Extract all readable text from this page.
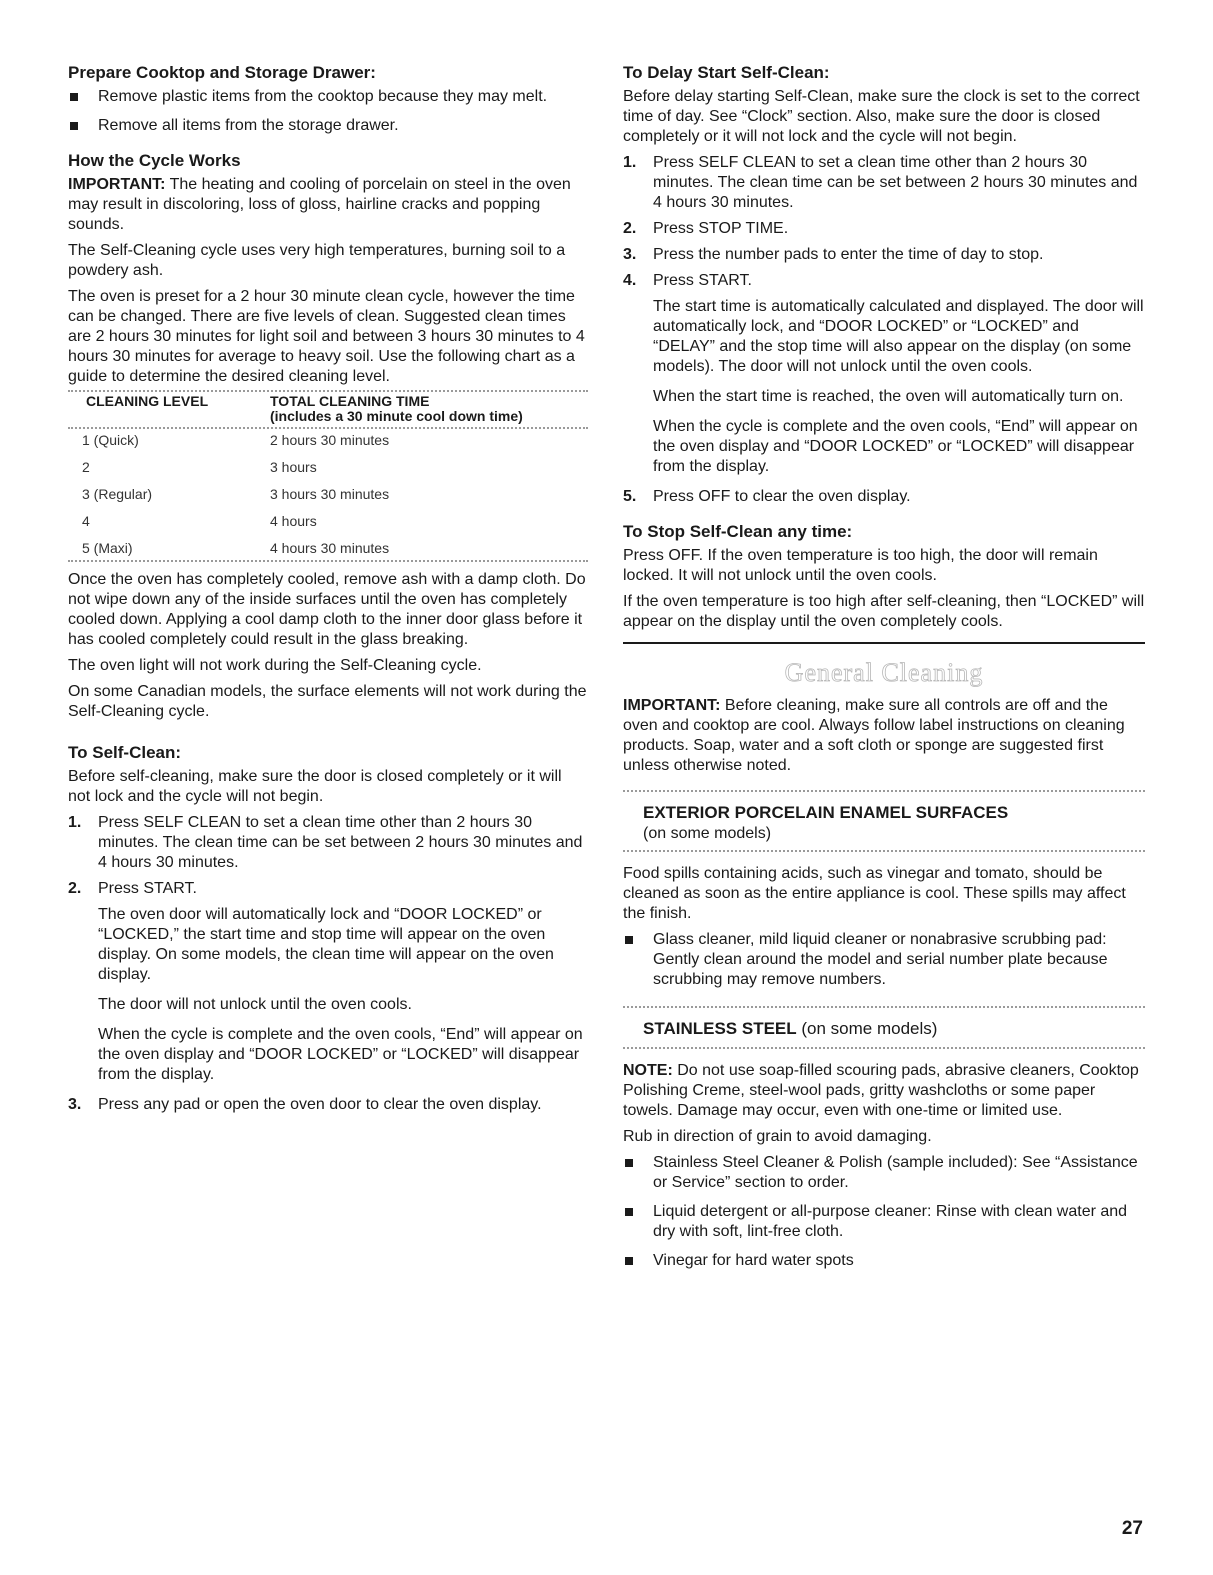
Prepare Cooktop and Storage Drawer:
Remove plastic items from the cooktop because they may melt.
Remove all items from the storage drawer.
How the Cycle Works

IMPORTANT: The heating and cooling of porcelain on steel in the oven may result in discoloring, loss of gloss, hairline cracks and popping sounds.

The Self-Cleaning cycle uses very high temperatures, burning soil to a powdery ash.

The oven is preset for a 2 hour 30 minute clean cycle, however the time can be changed. There are five levels of clean. Suggested clean times are 2 hours 30 minutes for light soil and between 3 hours 30 minutes to 4 hours 30 minutes for average to heavy soil. Use the following chart as a guide to determine the desired cleaning level.

CLEANING LEVEL	TOTAL CLEANING TIME
(includes a 30 minute cool down time)

1 (Quick)	2 hours 30 minutes
2	3 hours
3 (Regular)	3 hours 30 minutes
4	4 hours
5 (Maxi)	4 hours 30 minutes

Once the oven has completely cooled, remove ash with a damp cloth. Do not wipe down any of the inside surfaces until the oven has completely cooled down. Applying a cool damp cloth to the inner door glass before it has cooled completely could result in the glass breaking.

The oven light will not work during the Self-Cleaning cycle.

On some Canadian models, the surface elements will not work during the Self-Cleaning cycle.

To Self-Clean:

Before self-cleaning, make sure the door is closed completely or it will not lock and the cycle will not begin.

1. Press SELF CLEAN to set a clean time other than 2 hours 30 minutes. The clean time can be set between 2 hours 30 minutes and 4 hours 30 minutes.
2. Press START.
The oven door will automatically lock and “DOOR LOCKED” or “LOCKED,” the start time and stop time will appear on the oven display. On some models, the clean time will appear on the oven display.
The door will not unlock until the oven cools.
When the cycle is complete and the oven cools, “End” will appear on the oven display and “DOOR LOCKED” or “LOCKED” will disappear from the display.
3. Press any pad or open the oven door to clear the oven display.
To Delay Start Self-Clean:

Before delay starting Self-Clean, make sure the clock is set to the correct time of day. See “Clock” section. Also, make sure the door is closed completely or it will not lock and the cycle will not begin.

1. Press SELF CLEAN to set a clean time other than 2 hours 30 minutes. The clean time can be set between 2 hours 30 minutes and 4 hours 30 minutes.
2. Press STOP TIME.
3. Press the number pads to enter the time of day to stop.
4. Press START.
The start time is automatically calculated and displayed. The door will automatically lock, and “DOOR LOCKED” or “LOCKED” and “DELAY” and the stop time will also appear on the display (on some models). The door will not unlock until the oven cools.
When the start time is reached, the oven will automatically turn on.
When the cycle is complete and the oven cools, “End” will appear on the oven display and “DOOR LOCKED” or “LOCKED” will disappear from the display.
5. Press OFF to clear the oven display.
To Stop Self-Clean any time:

Press OFF. If the oven temperature is too high, the door will remain locked. It will not unlock until the oven cools.

If the oven temperature is too high after self-cleaning, then “LOCKED” will appear on the display until the oven completely cools.

General Cleaning

IMPORTANT: Before cleaning, make sure all controls are off and the oven and cooktop are cool. Always follow label instructions on cleaning products. Soap, water and a soft cloth or sponge are suggested first unless otherwise noted.

EXTERIOR PORCELAIN ENAMEL SURFACES
(on some models)

Food spills containing acids, such as vinegar and tomato, should be cleaned as soon as the entire appliance is cool. These spills may affect the finish.

Glass cleaner, mild liquid cleaner or nonabrasive scrubbing pad: Gently clean around the model and serial number plate because scrubbing may remove numbers.
STAINLESS STEEL (on some models)

NOTE: Do not use soap-filled scouring pads, abrasive cleaners, Cooktop Polishing Creme, steel-wool pads, gritty washcloths or some paper towels. Damage may occur, even with one-time or limited use.

Rub in direction of grain to avoid damaging.

Stainless Steel Cleaner & Polish (sample included): See “Assistance or Service” section to order.
Liquid detergent or all-purpose cleaner: Rinse with clean water and dry with soft, lint-free cloth.
Vinegar for hard water spots
27
